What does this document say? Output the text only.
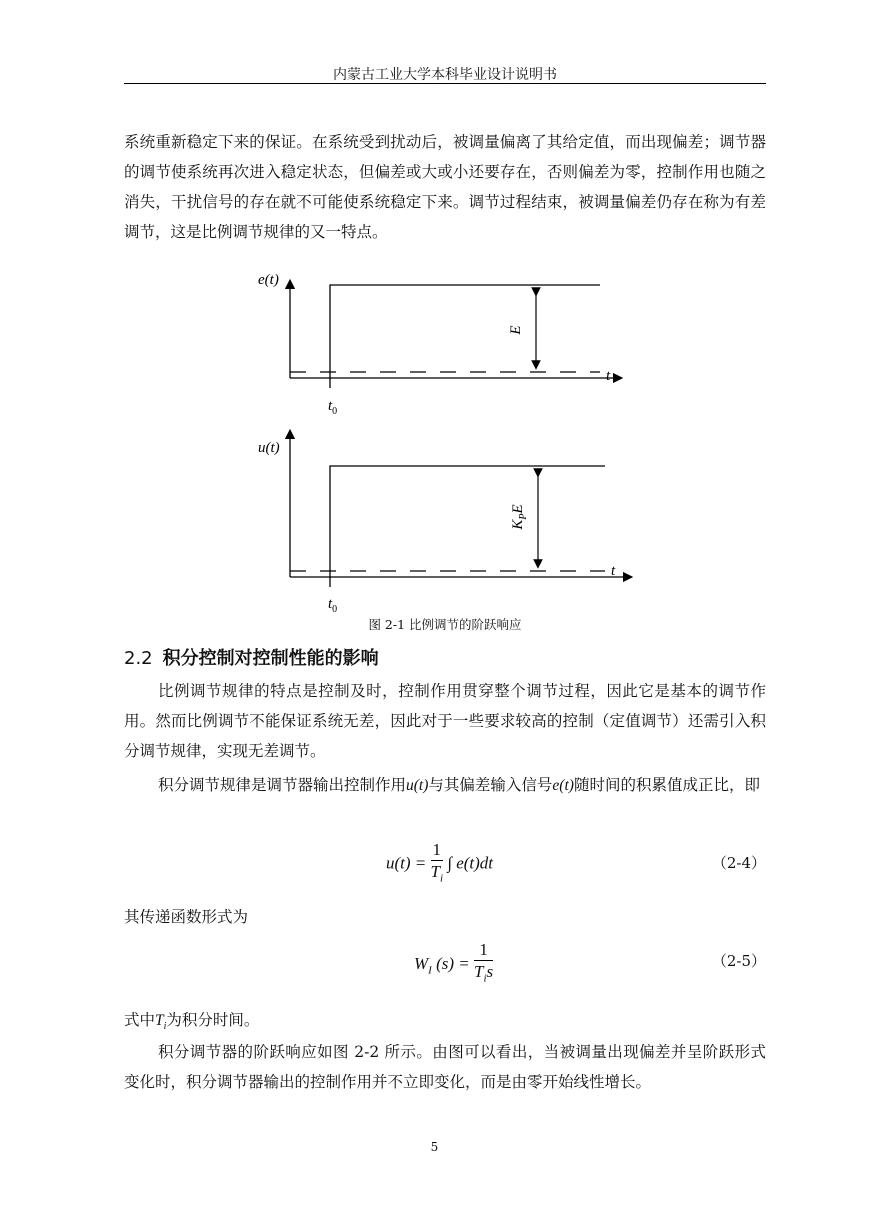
内蒙古工业大学本科毕业设计说明书

系统重新稳定下来的保证。在系统受到扰动后，被调量偏离了其给定值，而出现偏差；调节器的调节使系统再次进入稳定状态，但偏差或大或小还要存在，否则偏差为零，控制作用也随之消失，干扰信号的存在就不可能使系统稳定下来。调节过程结束，被调量偏差仍存在称为有差调节，这是比例调节规律的又一特点。

e(t)
t
$t_0$
E
u(t)
t
$t_0$
$K_PE$
图 2-1 比例调节的阶跃响应
2.2 积分控制对控制性能的影响

比例调节规律的特点是控制及时，控制作用贯穿整个调节过程，因此它是基本的调节作用。然而比例调节不能保证系统无差，因此对于一些要求较高的控制（定值调节）还需引入积分调节规律，实现无差调节。

积分调节规律是调节器输出控制作用u(t)与其偏差输入信号e(t)随时间的积累值成正比，即

$u(t) = \frac{1}{T_i}$ ∫ e(t)dt	（2-4）

其传递函数形式为

$W_I$ $(s) = \frac{1}{T_is}$	（2-5）

式中$T_i$为积分时间。

积分调节器的阶跃响应如图 2-2 所示。由图可以看出，当被调量出现偏差并呈阶跃形式变化时，积分调节器输出的控制作用并不立即变化，而是由零开始线性增长。

5
